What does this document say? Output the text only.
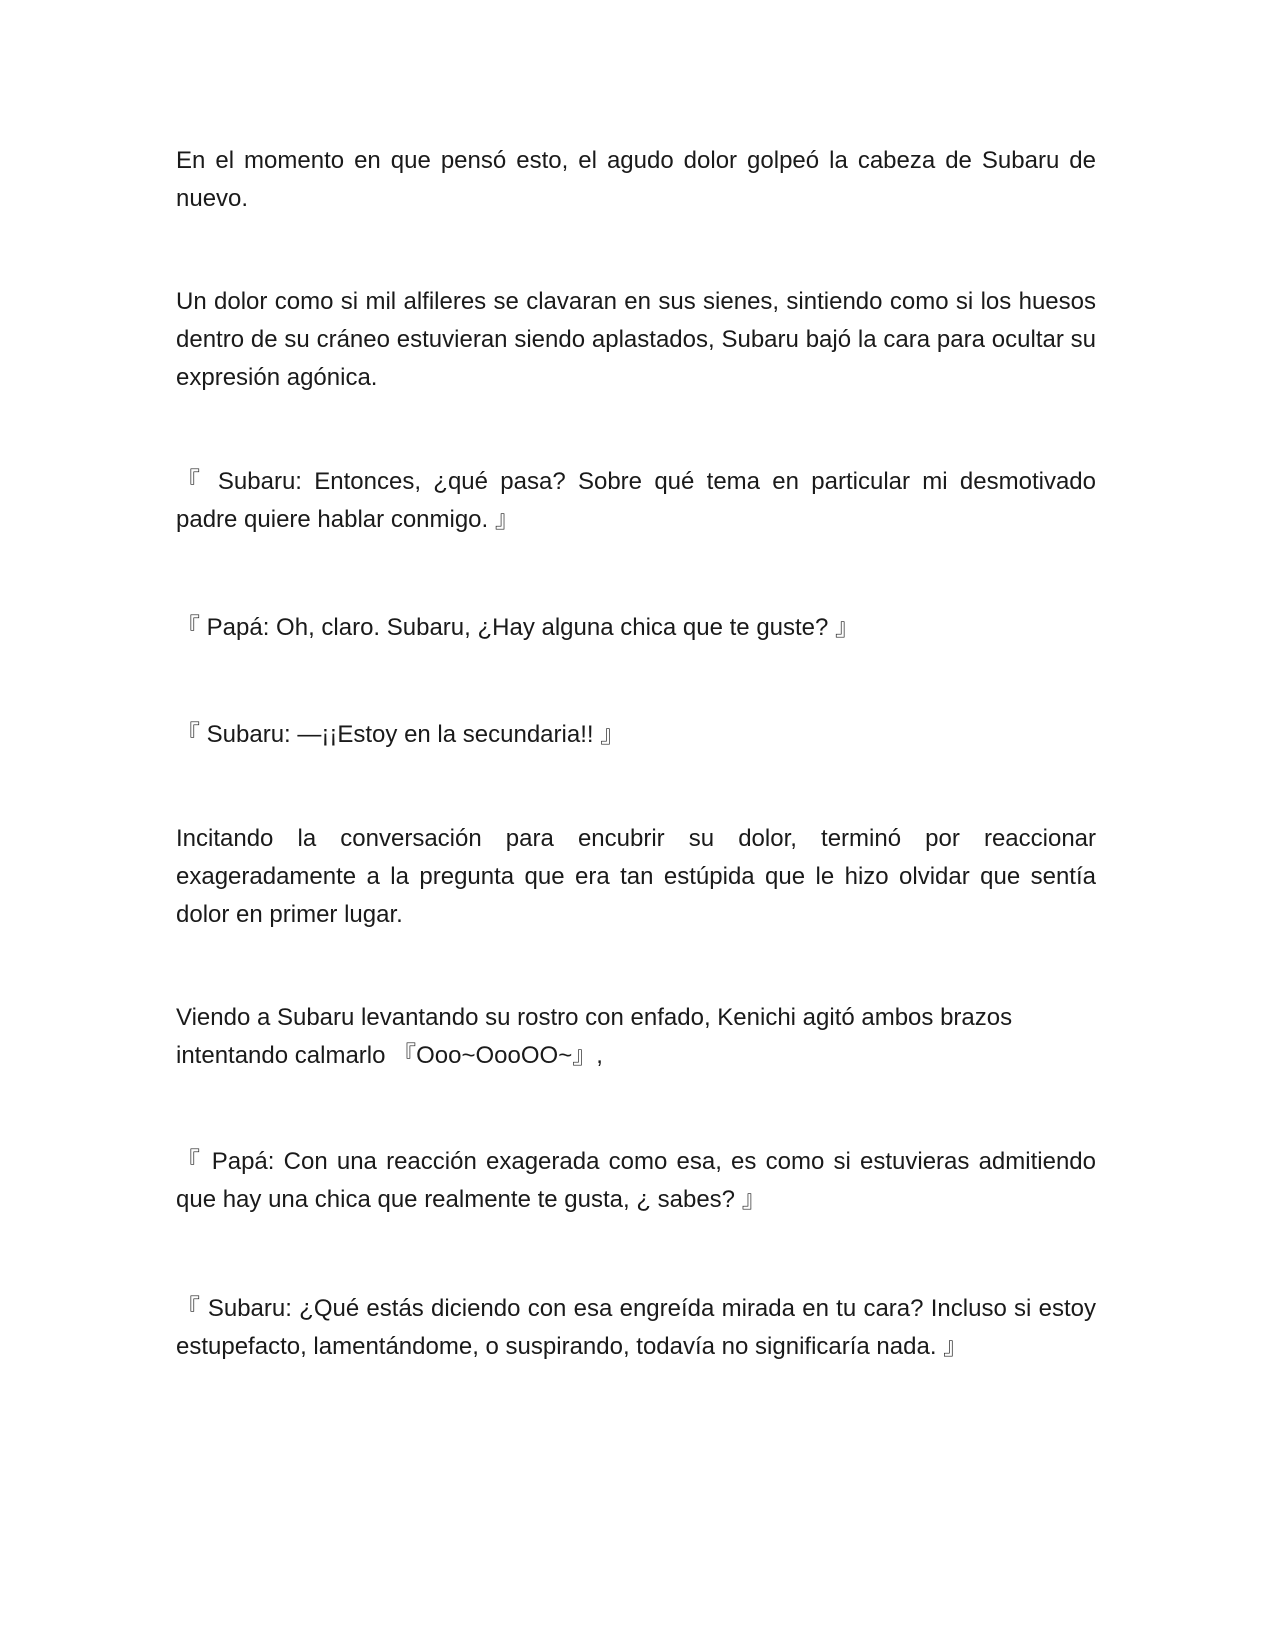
En el momento en que pensó esto, el agudo dolor golpeó la cabeza de Subaru de nuevo.

Un dolor como si mil alfileres se clavaran en sus sienes, sintiendo como si los huesos dentro de su cráneo estuvieran siendo aplastados, Subaru bajó la cara para ocultar su expresión agónica.

『 Subaru: Entonces, ¿qué pasa? Sobre qué tema en particular mi desmotivado padre quiere hablar conmigo. 』

『 Papá: Oh, claro. Subaru, ¿Hay alguna chica que te guste? 』

『 Subaru: —¡¡Estoy en la secundaria!! 』

Incitando la conversación para encubrir su dolor, terminó por reaccionar exageradamente a la pregunta que era tan estúpida que le hizo olvidar que sentía dolor en primer lugar.

Viendo a Subaru levantando su rostro con enfado, Kenichi agitó ambos brazos intentando calmarlo 『Ooo~OooOO~』,

『 Papá: Con una reacción exagerada como esa, es como si estuvieras admitiendo que hay una chica que realmente te gusta, ¿ sabes? 』

『 Subaru: ¿Qué estás diciendo con esa engreída mirada en tu cara? Incluso si estoy estupefacto, lamentándome, o suspirando, todavía no significaría nada. 』
